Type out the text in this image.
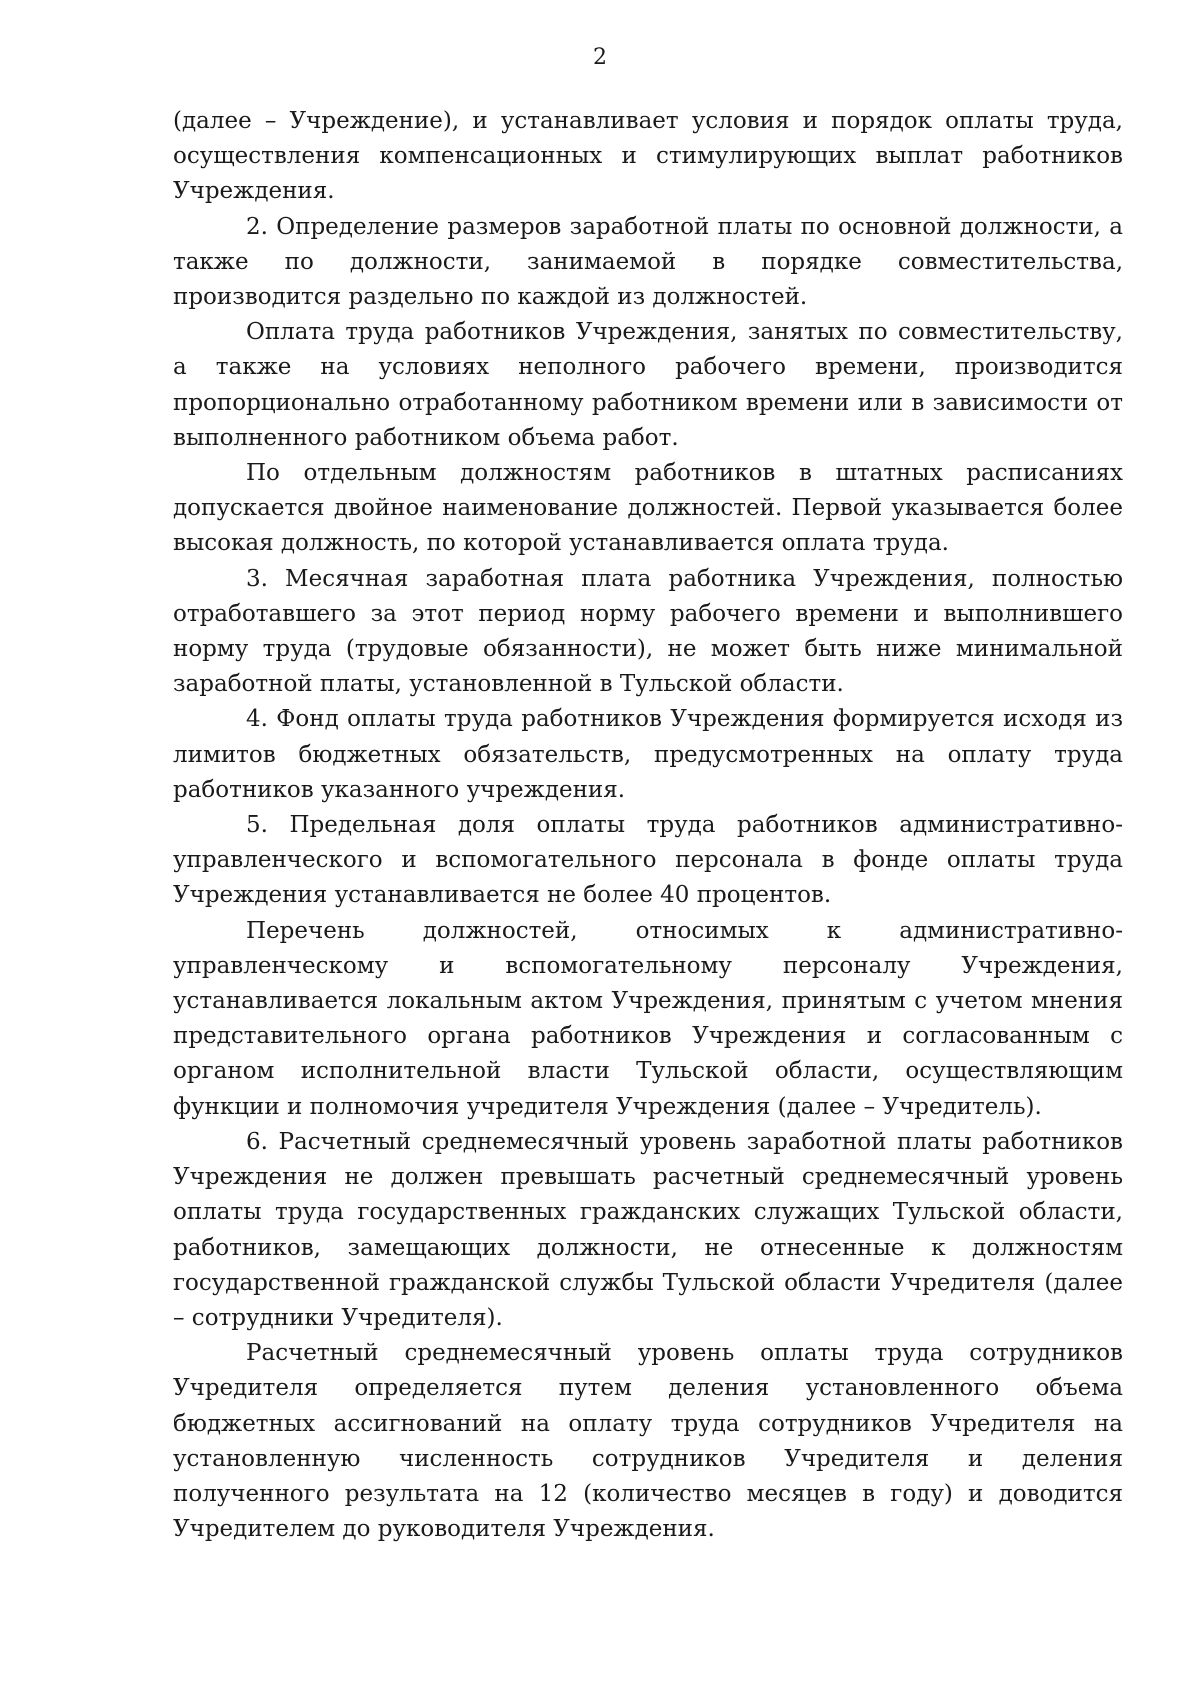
2

(далее – Учреждение), и устанавливает условия и порядок оплаты труда, осуществления компенсационных и стимулирующих выплат работников Учреждения.

2. Определение размеров заработной платы по основной должности, а также по должности, занимаемой в порядке совместительства, производится раздельно по каждой из должностей.

Оплата труда работников Учреждения, занятых по совместительству, а также на условиях неполного рабочего времени, производится пропорционально отработанному работником времени или в зависимости от выполненного работником объема работ.

По отдельным должностям работников в штатных расписаниях допускается двойное наименование должностей. Первой указывается более высокая должность, по которой устанавливается оплата труда.

3. Месячная заработная плата работника Учреждения, полностью отработавшего за этот период норму рабочего времени и выполнившего норму труда (трудовые обязанности), не может быть ниже минимальной заработной платы, установленной в Тульской области.

4. Фонд оплаты труда работников Учреждения формируется исходя из лимитов бюджетных обязательств, предусмотренных на оплату труда работников указанного учреждения.

5. Предельная доля оплаты труда работников административно-управленческого и вспомогательного персонала в фонде оплаты труда Учреждения устанавливается не более 40 процентов.

Перечень должностей, относимых к административно-управленческому и вспомогательному персоналу Учреждения, устанавливается локальным актом Учреждения, принятым с учетом мнения представительного органа работников Учреждения и согласованным с органом исполнительной власти Тульской области, осуществляющим функции и полномочия учредителя Учреждения (далее – Учредитель).

6. Расчетный среднемесячный уровень заработной платы работников Учреждения не должен превышать расчетный среднемесячный уровень оплаты труда государственных гражданских служащих Тульской области, работников, замещающих должности, не отнесенные к должностям государственной гражданской службы Тульской области Учредителя (далее – сотрудники Учредителя).

Расчетный среднемесячный уровень оплаты труда сотрудников Учредителя определяется путем деления установленного объема бюджетных ассигнований на оплату труда сотрудников Учредителя на установленную численность сотрудников Учредителя и деления полученного результата на 12 (количество месяцев в году) и доводится Учредителем до руководителя Учреждения.
